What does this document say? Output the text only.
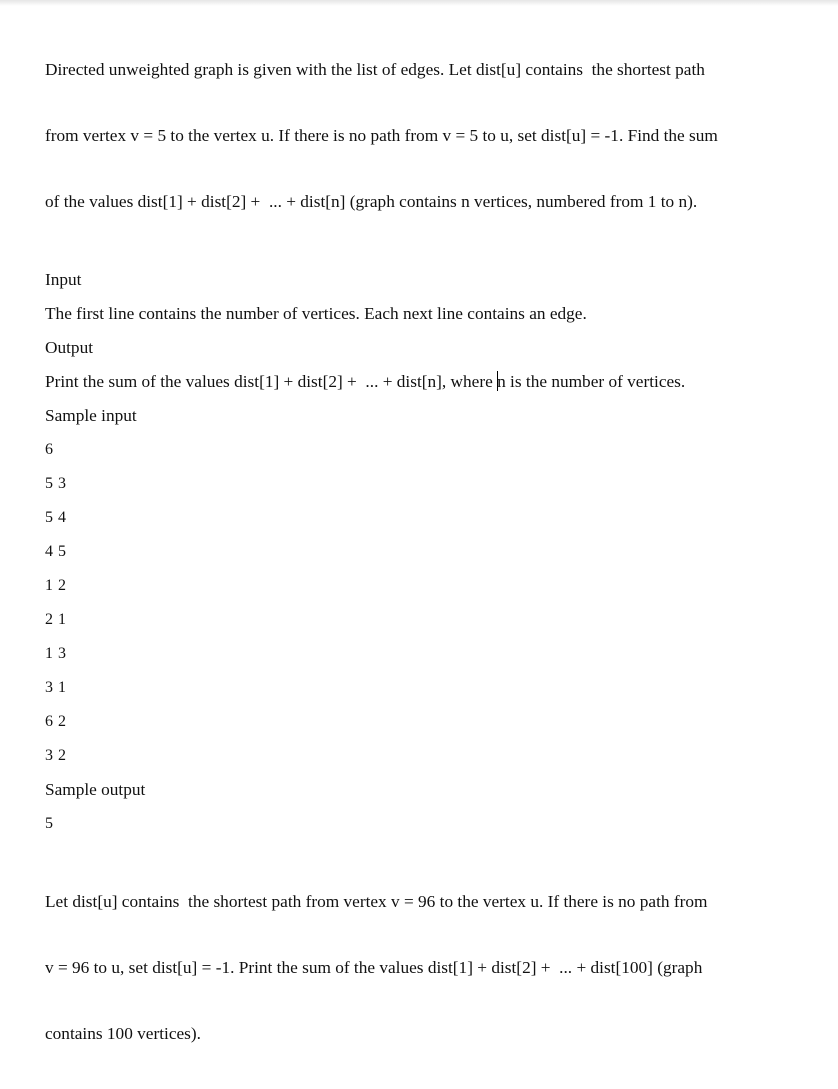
Directed unweighted graph is given with the list of edges. Let dist[u] contains  the shortest path

from vertex v = 5 to the vertex u. If there is no path from v = 5 to u, set dist[u] = -1. Find the sum

of the values dist[1] + dist[2] +  ... + dist[n] (graph contains n vertices, numbered from 1 to n).

Input

The first line contains the number of vertices. Each next line contains an edge.

Output

Print the sum of the values dist[1] + dist[2] +  ... + dist[n], where n is the number of vertices.

Sample input

6

5 3

5 4

4 5

1 2

2 1

1 3

3 1

6 2

3 2

Sample output

5

Let dist[u] contains  the shortest path from vertex v = 96 to the vertex u. If there is no path from

v = 96 to u, set dist[u] = -1. Print the sum of the values dist[1] + dist[2] +  ... + dist[100] (graph

contains 100 vertices).
